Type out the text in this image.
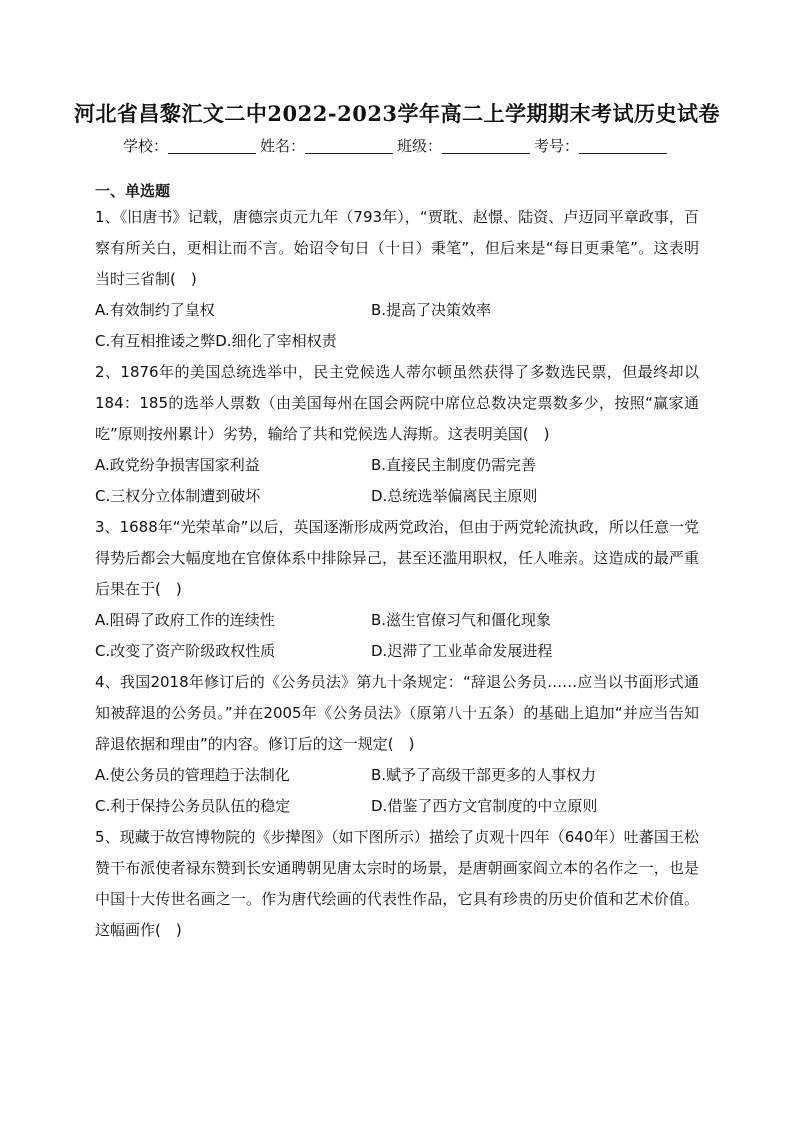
河北省昌黎汇文二中2022-2023学年高二上学期期末考试历史试卷
学校：	姓名：	班级：	考号：
一、单选题

1、《旧唐书》记载，唐德宗贞元九年（793年），“贾耽、赵憬、陆资、卢迈同平章政事，百察有所关白，更相让而不言。始诏令旬日（十日）秉笔”，但后来是“每日更秉笔”。这表明当时三省制(　)

A.有效制约了皇权	B.提高了决策效率
C.有互相推诿之弊 D.细化了宰相权责

2、1876年的美国总统选举中，民主党候选人蒂尔顿虽然获得了多数选民票，但最终却以184：185的选举人票数（由美国每州在国会两院中席位总数决定票数多少，按照“赢家通吃”原则按州累计）劣势，输给了共和党候选人海斯。这表明美国(　)

A.政党纷争损害国家利益	B.直接民主制度仍需完善
C.三权分立体制遭到破坏	D.总统选举偏离民主原则

3、1688年“光荣革命”以后，英国逐渐形成两党政治，但由于两党轮流执政，所以任意一党得势后都会大幅度地在官僚体系中排除异己，甚至还滥用职权，任人唯亲。这造成的最严重后果在于(　)

A.阻碍了政府工作的连续性	B.滋生官僚习气和僵化现象
C.改变了资产阶级政权性质	D.迟滞了工业革命发展进程

4、我国2018年修订后的《公务员法》第九十条规定：“辞退公务员……应当以书面形式通知被辞退的公务员。”并在2005年《公务员法》（原第八十五条）的基础上追加“并应当告知辞退依据和理由”的内容。修订后的这一规定(　)

A.使公务员的管理趋于法制化	B.赋予了高级干部更多的人事权力
C.利于保持公务员队伍的稳定	D.借鉴了西方文官制度的中立原则

5、现藏于故宫博物院的《步撵图》（如下图所示）描绘了贞观十四年（640年）吐蕃国王松赞干布派使者禄东赞到长安通聘朝见唐太宗时的场景，是唐朝画家阎立本的名作之一，也是中国十大传世名画之一。作为唐代绘画的代表性作品，它具有珍贵的历史价值和艺术价值。这幅画作(　)
